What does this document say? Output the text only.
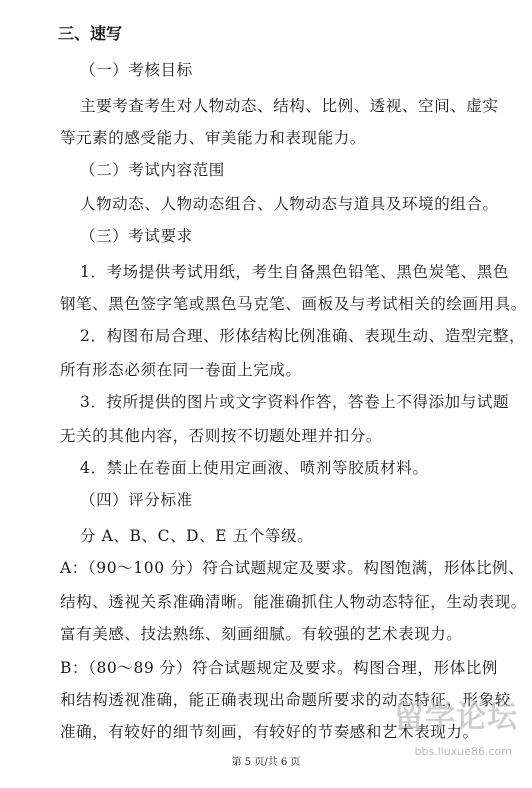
三、速写
（一）考核目标
主要考查考生对人物动态、结构、比例、透视、空间、虚实
等元素的感受能力、审美能力和表现能力。
（二）考试内容范围
人物动态、人物动态组合、人物动态与道具及环境的组合。
（三）考试要求
1．考场提供考试用纸，考生自备黑色铅笔、黑色炭笔、黑色
钢笔、黑色签字笔或黑色马克笔、画板及与考试相关的绘画用具。
2．构图布局合理、形体结构比例准确、表现生动、造型完整，
所有形态必须在同一卷面上完成。
3．按所提供的图片或文字资料作答，答卷上不得添加与试题
无关的其他内容，否则按不切题处理并扣分。
4．禁止在卷面上使用定画液、喷剂等胶质材料。
（四）评分标准
分 A、B、C、D、E 五个等级。
A：（90～100 分）符合试题规定及要求。构图饱满，形体比例、
结构、透视关系准确清晰。能准确抓住人物动态特征，生动表现。
富有美感、技法熟练、刻画细腻。有较强的艺术表现力。
B：（80～89 分）符合试题规定及要求。构图合理，形体比例
和结构透视准确，能正确表现出命题所要求的动态特征，形象较
准确，有较好的细节刻画，有较好的节奏感和艺术表现力。
第 5 页/共 6 页
留学论坛
bbs.liuxue86.com
